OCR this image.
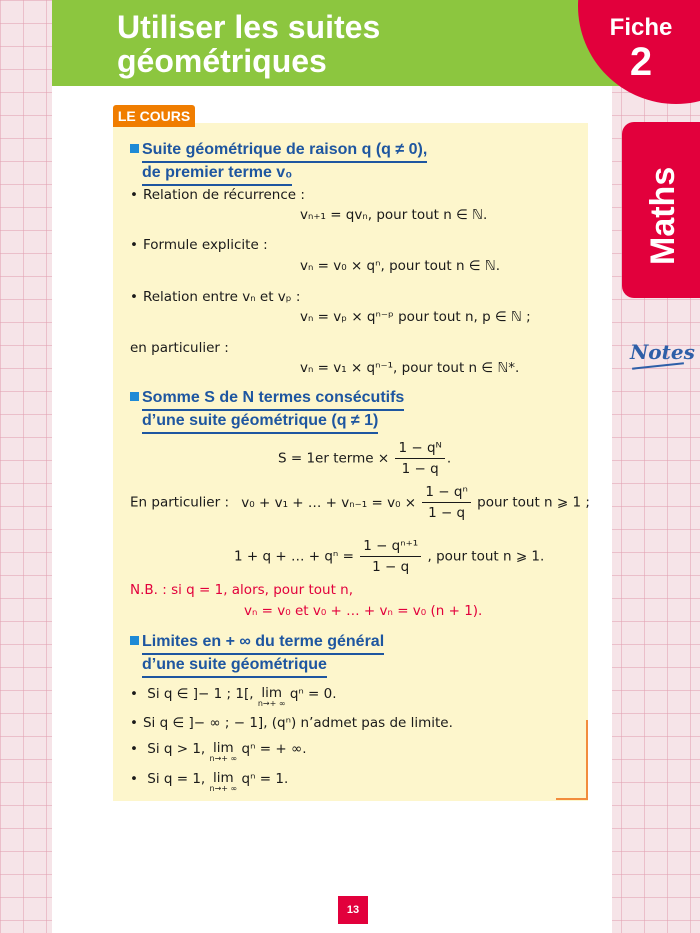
Utiliser les suites
géométriques
Fiche
2
Maths
Notes
LE COURS
Suite géométrique de raison q (q ≠ 0),
de premier terme v₀
• Relation de récurrence :
vₙ₊₁ = qvₙ, pour tout n ∈ ℕ.
• Formule explicite :
vₙ = v₀ × qⁿ, pour tout n ∈ ℕ.
• Relation entre vₙ et vₚ :
vₙ = vₚ × qⁿ⁻ᵖ pour tout n, p ∈ ℕ ;
en particulier :
vₙ = v₁ × qⁿ⁻¹, pour tout n ∈ ℕ*.
Somme S de N termes consécutifs
d’une suite géométrique (q ≠ 1)
S = 1er terme × $\frac{\text{1 − qᴺ}}{1 - q}$ .
En particulier : v₀ + v₁ + … + $v_{n-1} = v_0 \times \frac{\text{1 − qⁿ}}{1 - q}$ pour tout n ⩾ 1 ;
1 + q + … + $q^n = \frac{\text{1 − qⁿ⁺¹}}{1 - q}$ , pour tout n ⩾ 1.
N.B. : si q = 1, alors, pour tout n,
vₙ = v₀ et v₀ + … + vₙ = v₀ (n + 1).
Limites en + ∞ du terme général
d’une suite géométrique
• Si q ∈ ]− 1 ; 1[, lim
n→+ ∞
qⁿ = 0.
• Si q ∈ ]− ∞ ; − 1], (qⁿ) n’admet pas de limite.
• Si q > 1, lim
n→+ ∞
qⁿ = + ∞.
• Si q = 1, lim
n→+ ∞
qⁿ = 1.
13
